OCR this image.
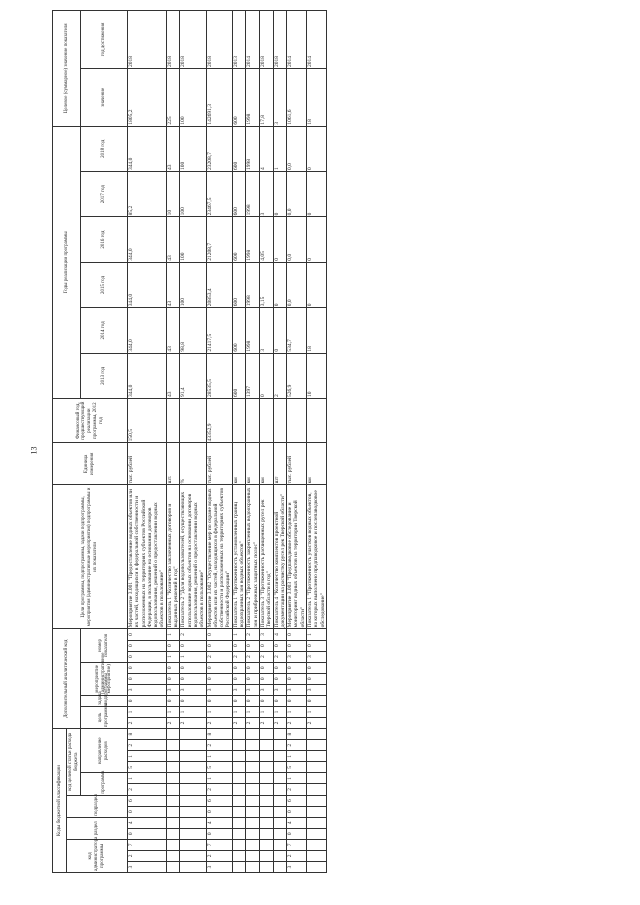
13
Коды бюджетной классификации													Дополнительный аналитический код									Цели программы, подпрограммы, задачи подпрограммы, мероприятия (административные мероприятия) подпрограммы и их показатели	Единица измерения	Финансовый год, предшествующий реализации программы, 2012 год	Годы реализации программы						Целевое (суммарное) значение показателя	
код администратора программы			раздел		подраздел		код целевой статьи расхода бюджета																									
							программа		направление расходов				цель программы		задача подпрограммы	мероприятие (административное мероприятие)			номер показателя						2013 год	2014 год	2015 год	2016 год	2017 год	2018 год	значение	год достижения
3	2	7	0	4	0	6	2	1	5	1	2	8	2	1	0	3	0	0	0	0	0	Мероприятие 3.001 "Предоставление водных объектов или их частей, находящихся в федеральной собственности и расположенных на территориях субъектов Российской Федерации, в пользование на основании договоров водопользования, решений о предоставлении водных объектов в пользование"	тыс. рублей	150,5	344,0	344,0	344,0	344,0	85,2	344,0	1805,2	2018
													2	1	0	3	0	0	1	0	1	Показатель 1 "Количество заключенных договоров и выданных решений в год"	шт.		43	43	43	43	10	43	225	2018
													2	1	0	3	0	0	1	0	2	Показатель 2 "Доля водопользователей, осуществляющих использование водных объектов на основании договоров водопользования, решений о предоставлении водных объектов в пользование"	%		91,4	98,8	100	100	100	100	100	2018
3	2	7	0	4	0	6	2	1	5	1	2	8	2	1	0	3	0	0	2	0	0	Мероприятие 3.002 "Осуществление мер по охране водных объектов или их частей, находящихся в федеральной собственности и расположенных на территориях субъектов Российской Федерации"	тыс. рублей	43352,9	28535,5	21417,5	20853,4	21208,7	23467,5	23208,7	142691,3	2018
													2	1	0	3	0	0	2	0	1	Показатель 1 "Протяженность установленных границ водоохранных зон водных объектов"	км		600	600	600	600	600	600	600	2013
													2	1	0	3	0	0	2	0	2	Показатель 2 "Протяженность закрепленных водоохранных зон и прибрежных защитных полос"	км		1397	1998	1998	1998	1998	1998	1998	2014
													2	1	0	3	0	0	2	0	3	Показатель 3 "Протяженность расчищенных русел рек Тверской области в год"	км		0	3	3,15	4,05	3	4	17,8	2018
													2	1	0	3	0	0	2	0	4	Показатель 4 "Количество комплектов проектной документации на расчистку русел рек Тверской области"	шт		2	0	0	0	0	1	3	2018
3	2	7	0	4	0	6	2	1	5	1	2	8	2	1	0	3	0	0	3	0	0	Мероприятие 3.003 "Предпаводковое обследование и мониторинг водных объектов на территории Тверской области"	тыс. рублей		526,9	534,7	0,0	0,0	0,0	0,0	1061,6	2014
													2	1	0	3	0	0	3	0	1	Показатель 1 "Протяженность участков водных объектов, на которых выполнено предпаводковое и послепаводковое обследование"	км		10	18	0	0	0	0	18	2014
